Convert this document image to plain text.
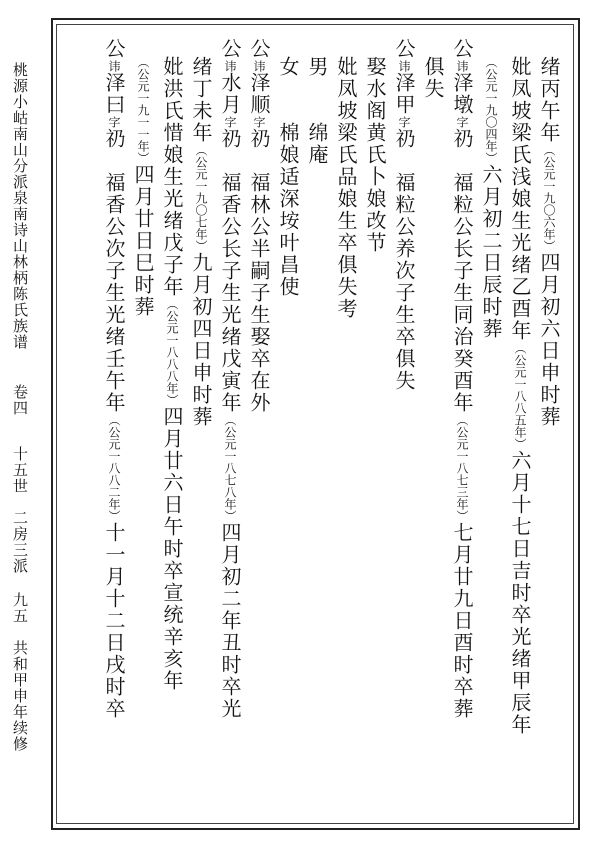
桃源小岵南山分派泉南诗山林柄陈氏族谱
卷四
十五世　二房三派
九五
共和甲申年续修
绪丙午年（公元一九〇六年）四月初六日申时葬
妣凤坡梁氏浅娘生光绪乙酉年（公元一八八五年）六月十七日吉时卒光绪甲辰年
（公元一九〇四年）六月初二日辰时葬
公讳泽墩字礽　福粒公长子生同治癸酉年（公元一八七三年）七月廿九日酉时卒葬
俱失
公讳泽甲字礽　福粒公养次子生卒俱失
娶水阁黄氏卜娘改节
妣凤坡梁氏品娘生卒俱失考
男　　绵庵
女　　棉娘适深垵叶昌使
公讳泽顺字礽　福林公半嗣子生娶卒在外
公讳水月字礽　福香公长子生光绪戊寅年（公元一八七八年）四月初二年丑时卒光
绪丁未年（公元一九〇七年）九月初四日申时葬
妣洪氏惜娘生光绪戊子年（公元一八八八年）四月廿六日午时卒宣统辛亥年
（公元一九一一年）四月廿日巳时葬
公讳泽曰字礽　福香公次子生光绪壬午年（公元一八八二年）十一月十二日戌时卒
